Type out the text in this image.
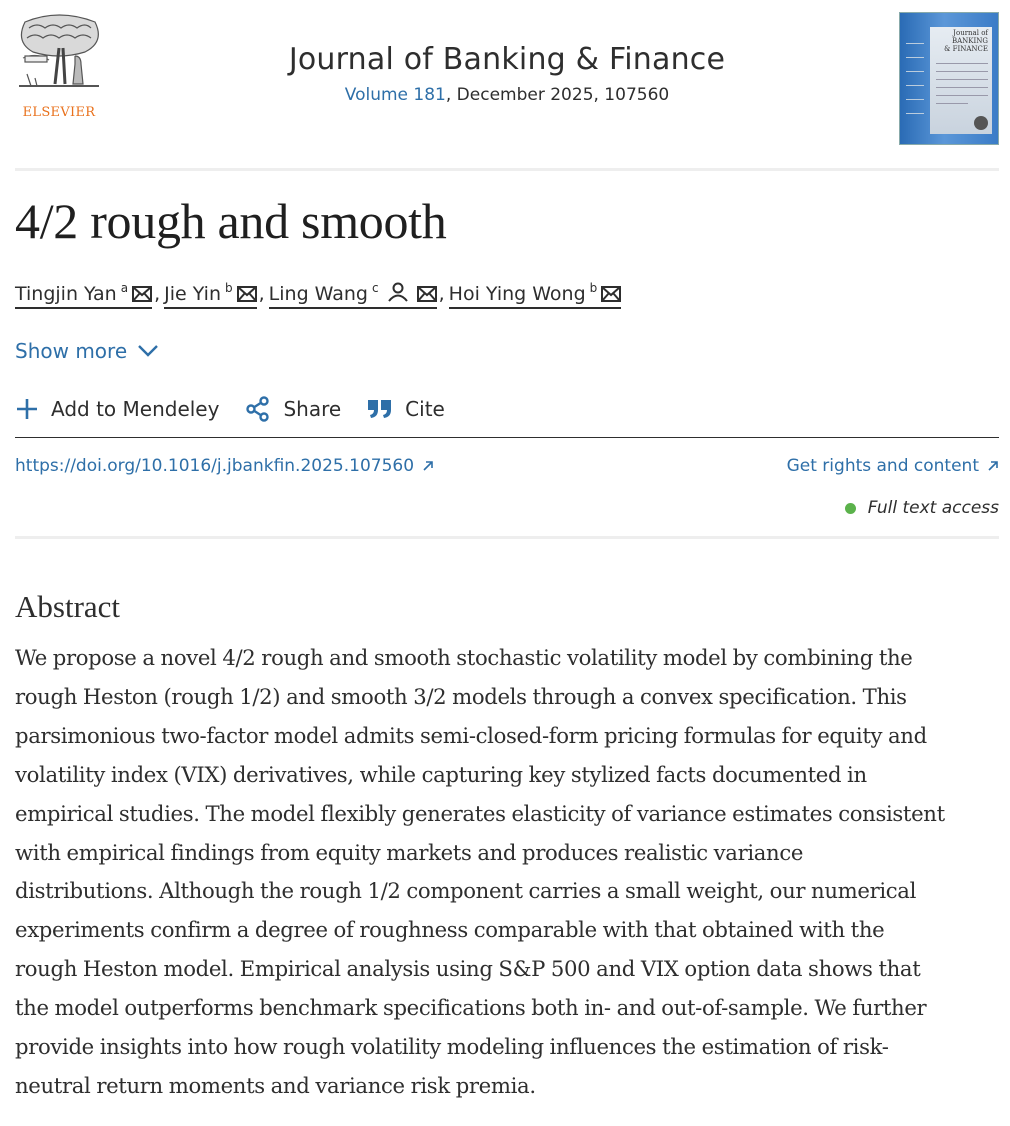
ELSEVIER
Journal of Banking & Finance
Volume 181, December 2025, 107560
Journal of
BANKING
& FINANCE
4/2 rough and smooth
Tingjin Yan $^a$ , Jie Yin $^b$ , Ling Wang $^c$	, Hoi Ying Wong $^b$
Show more
Add to Mendeley	Share	Cite
https://doi.org/10.1016/j.jbankfin.2025.107560	Get rights and content
Full text access
Abstract
We propose a novel 4/2 rough and smooth stochastic volatility model by combining the
rough Heston (rough 1/2) and smooth 3/2 models through a convex specification. This
parsimonious two-factor model admits semi-closed-form pricing formulas for equity and
volatility index (VIX) derivatives, while capturing key stylized facts documented in
empirical studies. The model flexibly generates elasticity of variance estimates consistent
with empirical findings from equity markets and produces realistic variance
distributions. Although the rough 1/2 component carries a small weight, our numerical
experiments confirm a degree of roughness comparable with that obtained with the
rough Heston model. Empirical analysis using S&P 500 and VIX option data shows that
the model outperforms benchmark specifications both in- and out-of-sample. We further
provide insights into how rough volatility modeling influences the estimation of risk-
neutral return moments and variance risk premia.
